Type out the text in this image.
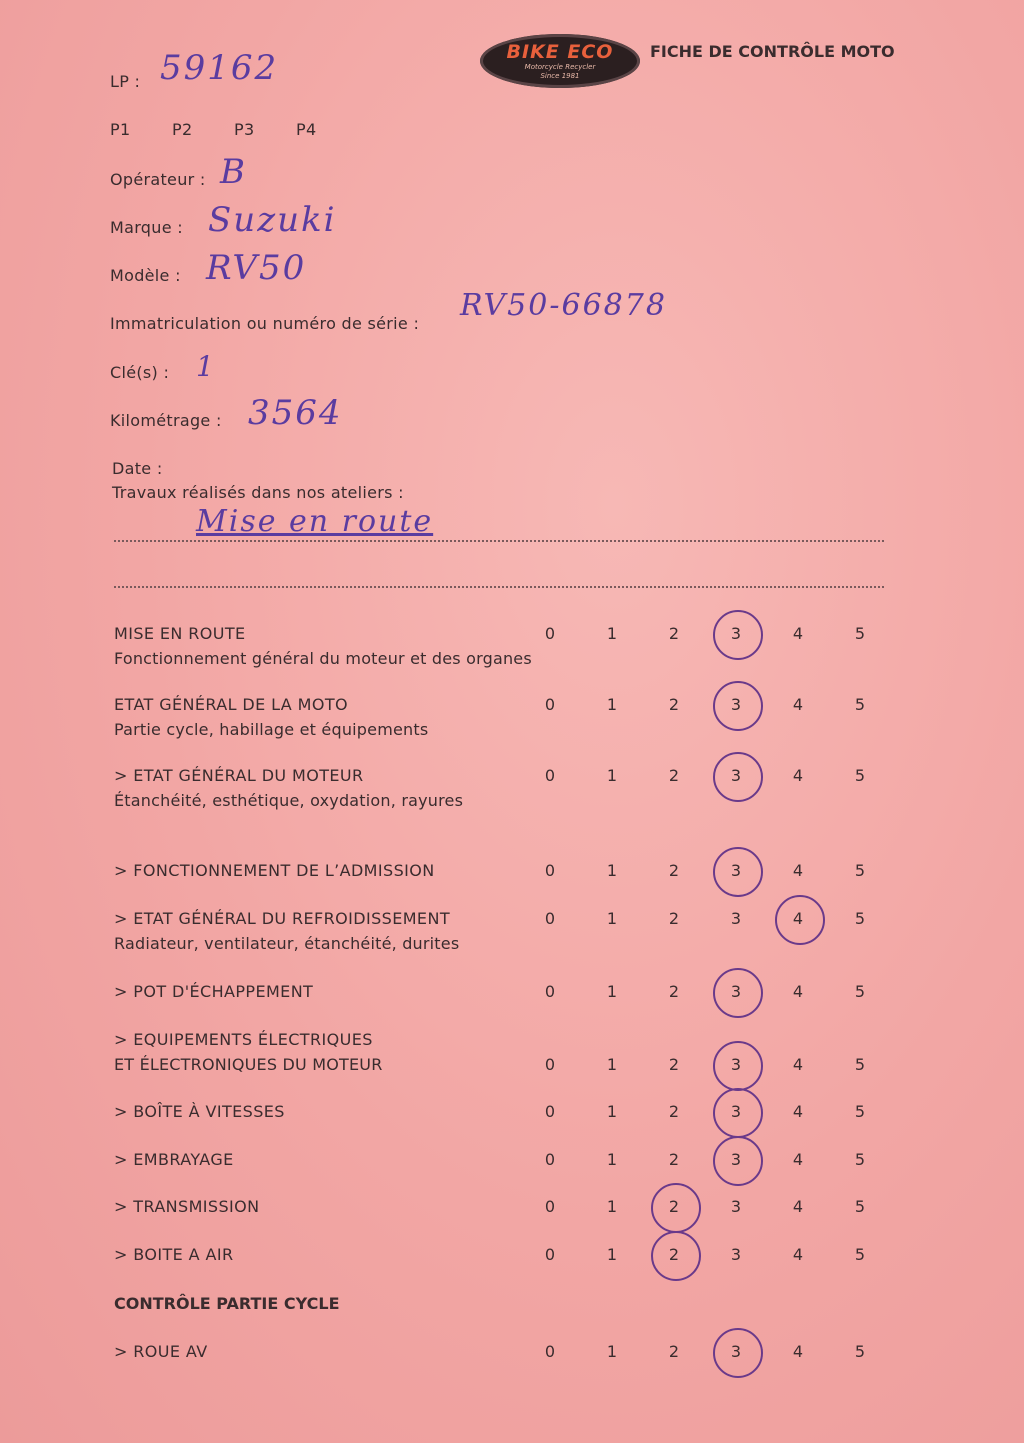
BIKE ECO
Motorcycle Recycler
Since 1981
FICHE DE CONTRÔLE MOTO
LP : 59162
P1	P2	P3	P4
Opérateur : B
Marque : Suzuki
Modèle : RV50
Immatriculation ou numéro de série :
RV50-66878
Clé(s) : 1
Kilométrage : 3564
Date :
Travaux réalisés dans nos ateliers :
Mise en route
MISE EN ROUTE
Fonctionnement général du moteur et des organes
0	1	2	3	4	5
ETAT GÉNÉRAL DE LA MOTO
Partie cycle, habillage et équipements
0	1	2	3	4	5
> ETAT GÉNÉRAL DU MOTEUR
Étanchéité, esthétique, oxydation, rayures
0	1	2	3	4	5
> FONCTIONNEMENT DE L’ADMISSION	0	1	2	3	4	5
> ETAT GÉNÉRAL DU REFROIDISSEMENT
Radiateur, ventilateur, étanchéité, durites
0	1	2	3	4	5
> POT D'ÉCHAPPEMENT	0	1	2	3	4	5
> EQUIPEMENTS ÉLECTRIQUES
ET ÉLECTRONIQUES DU MOTEUR	0	1	2	3	4	5
> BOÎTE À VITESSES	0	1	2	3	4	5
> EMBRAYAGE	0	1	2	3	4	5
> TRANSMISSION	0	1	2	3	4	5
> BOITE A AIR	0	1	2	3	4	5
CONTRÔLE PARTIE CYCLE
> ROUE AV	0	1	2	3	4	5
